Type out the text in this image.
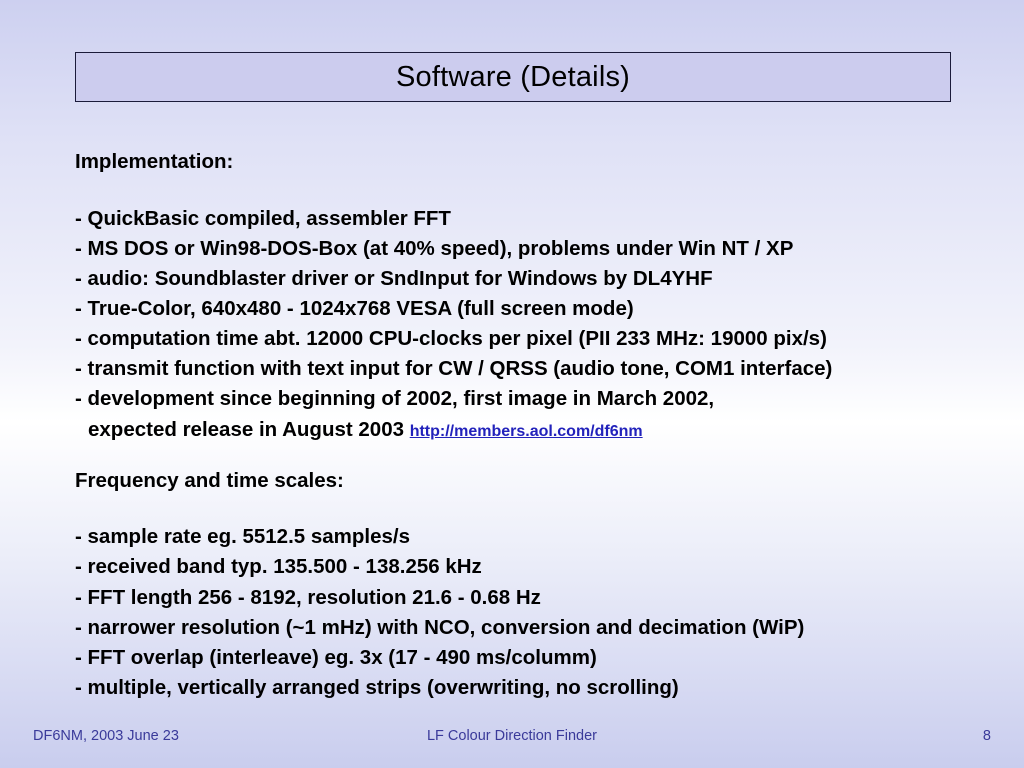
Software (Details)
Implementation:
- QuickBasic compiled, assembler FFT
- MS DOS or Win98-DOS-Box (at 40% speed), problems under Win NT / XP
- audio: Soundblaster driver or SndInput for Windows by DL4YHF
- True-Color, 640x480 - 1024x768 VESA (full screen mode)
- computation time abt. 12000 CPU-clocks per pixel (PII 233 MHz: 19000 pix/s)
- transmit function with text input for CW / QRSS (audio tone, COM1 interface)
- development since beginning of 2002, first image in March 2002,
expected release in August 2003 http://members.aol.com/df6nm
Frequency and time scales:
- sample rate eg. 5512.5 samples/s
- received band typ. 135.500 - 138.256 kHz
- FFT length 256 - 8192, resolution 21.6 - 0.68 Hz
- narrower resolution (~1 mHz) with NCO, conversion and decimation (WiP)
- FFT overlap (interleave) eg. 3x (17 - 490 ms/columm)
- multiple, vertically arranged strips (overwriting, no scrolling)
DF6NM, 2003 June 23	LF Colour Direction Finder	8
